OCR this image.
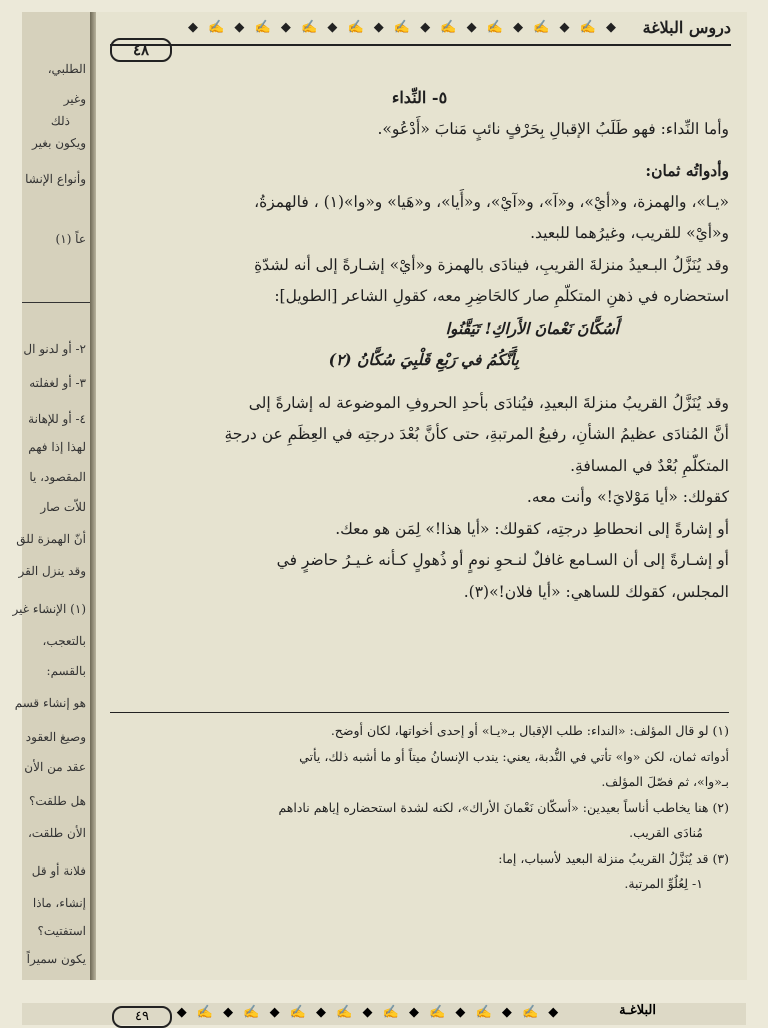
الطلبي،
وغير
ذلك
ويكون بغير
وأنواع الإنشا
عاً (١)
٢- أو لدنو ال
٣- أو لغفلته
٤- أو للإهانة
لهذا إذا فهم
المقصود، يا
للاّت صار
أنّ الهمزة للق
وقد ينزل القر
(١) الإنشاء غير
بالتعجب،
بالقسم:
هو إنشاء قسم
وصيغ العقود
عقد من الأن
هل طلقت؟
الأن طلقت،
فلانة أو قل
إنشاء، ماذا
استفتيت؟
يكون سميراً
دروس البلاغة
◆ ✍ ◆ ✍ ◆ ✍ ◆ ✍ ◆ ✍ ◆ ✍ ◆ ✍ ◆ ✍ ◆ ✍ ◆
٤٨

٥- النِّداء

وأما النِّداء: فهو طَلَبُ الإقبالِ بِحَرْفٍ نائبٍ مَنابَ «أَدْعُو».

وأدواتُه ثمان:

«يـا»، والهمزة، و«أيْ»، و«آ»، و«آيْ»، و«أَيا»، و«هَيا» و«وا»(١) ، فالهمزةُ،

و«أيْ» للقريب، وغيرُهما للبعيد.

وقد يُنَزَّلُ البـعيدُ منزلةَ القريبِ، فينادَى بالهمزة و«أيْ» إشـارةً إلى أنه لشدّةِ

استحضاره في ذهنِ المتكلّمِ صار كالحَاضِرِ معه، كقولِ الشاعر [الطويل]:

أَسُكَّانَ نَعْمانَ الأَراكِ! تَيَقَّنُوا

بِأَنَّكُمُ في رَبْعِ قَلْبِيَ سُكَّانُ (٢)

وقد يُنَزَّلُ القريبُ منزلةَ البعيدِ، فيُنادَى بأحدِ الحروفِ الموضوعة له إشارةً إلى

أنَّ المُنادَى عظيمُ الشأنِ، رفيعُ المرتبةِ، حتى كأنَّ بُعْدَ درجتِه في العِظَمِ عن درجةِ

المتكلّمِ بُعْدٌ في المسافةِ.

كقولك: «أيا مَوْلايَ!» وأنت معه.

أو إشارةً إلى انحطاطِ درجتِه، كقولك: «أيا هذا!» لِمَن هو معك.

أو إشـارةً إلى أن السـامع غافلٌ لنـحوِ نومٍ أو ذُهولٍ كـأنه غـيـرُ حاضرٍ في

المجلس، كقولك للساهي: «أيا فلان!»(٣).

(١) لو قال المؤلف: «النداء: طلب الإقبال بـ«يـا» أو إحدى أخواتها، لكان أوضح.

أدواته ثمان، لكن «وا» تأتي في النُّدبة، يعني: يندب الإنسانُ ميتاً أو ما أشبه ذلك، يأتي

بـ«وا»، ثم فصّلَ المؤلف.

(٢) هنا يخاطب أناساً بعيدين: «أسكّان نَعْمانَ الأراك»، لكنه لشدة استحضاره إياهم ناداهم

مُنادَى القريب.

(٣) قد يُنَزَّلُ القريبُ منزلة البعيد لأسباب، إما:

١- لِعُلُوِّ المرتبة.

البلاغـة
◆ ✍ ◆ ✍ ◆ ✍ ◆ ✍ ◆ ✍ ◆ ✍ ◆ ✍ ◆ ✍ ◆
٤٩
